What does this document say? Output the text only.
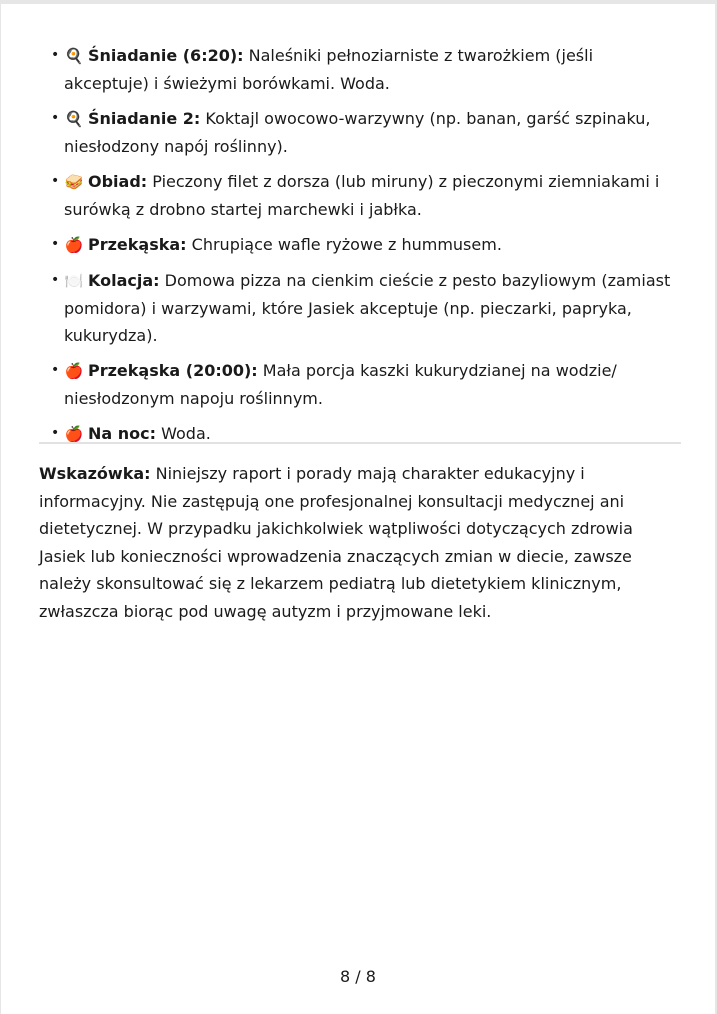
• 🍳 Śniadanie (6:20): Naleśniki pełnoziarniste z twarożkiem (jeśli akceptuje) i świeżymi borówkami. Woda.
• 🍳 Śniadanie 2: Koktajl owocowo-warzywny (np. banan, garść szpinaku, niesłodzony napój roślinny).
• 🥪 Obiad: Pieczony filet z dorsza (lub miruny) z pieczonymi ziemniakami i surówką z drobno startej marchewki i jabłka.
• 🍎 Przekąska: Chrupiące wafle ryżowe z hummusem.
• 🍽️ Kolacja: Domowa pizza na cienkim cieście z pesto bazyliowym (zamiast pomidora) i warzywami, które Jasiek akceptuje (np. pieczarki, papryka, kukurydza).
• 🍎 Przekąska (20:00): Mała porcja kaszki kukurydzianej na wodzie/ niesłodzonym napoju roślinnym.
• 🍎 Na noc: Woda.

Wskazówka: Niniejszy raport i porady mają charakter edukacyjny i informacyjny. Nie zastępują one profesjonalnej konsultacji medycznej ani dietetycznej. W przypadku jakichkolwiek wątpliwości dotyczących zdrowia Jasiek lub konieczności wprowadzenia znaczących zmian w diecie, zawsze należy skonsultować się z lekarzem pediatrą lub dietetykiem klinicznym, zwłaszcza biorąc pod uwagę autyzm i przyjmowane leki.

8 / 8
